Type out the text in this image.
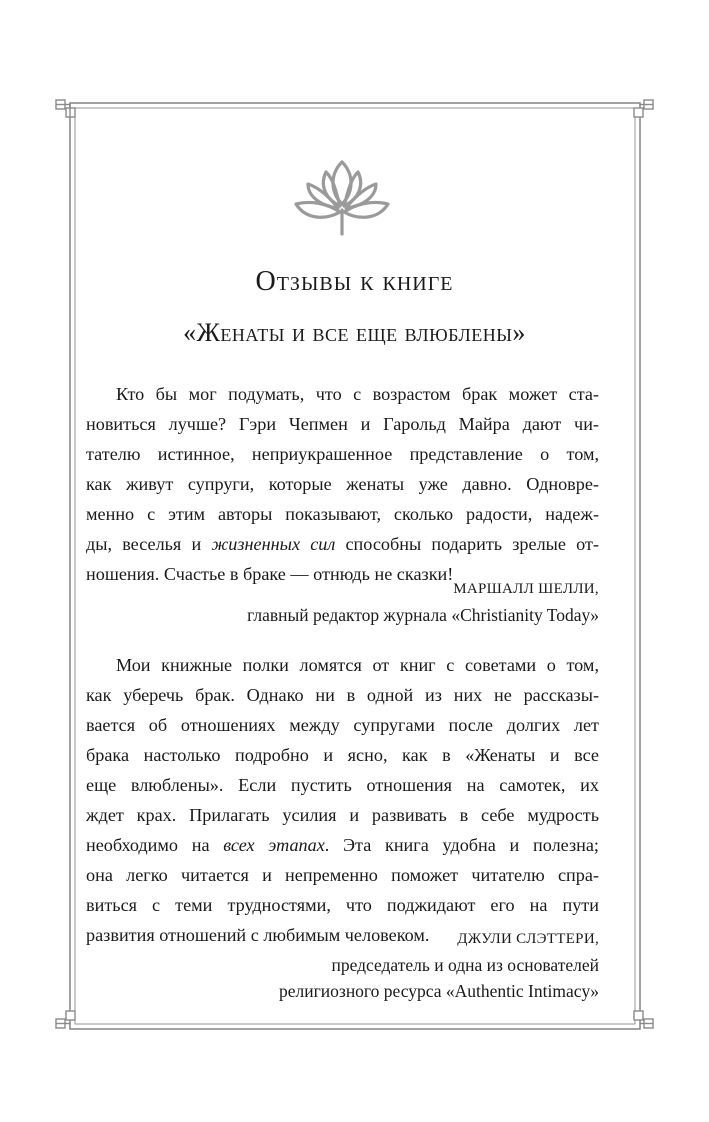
Отзывы к книге
«Женаты и все еще влюблены»
Кто бы мог подумать, что с возрастом брак может ста-
новиться лучше? Гэри Чепмен и Гарольд Майра дают чи-
тателю истинное, неприукрашенное представление о том,
как живут супруги, которые женаты уже давно. Одновре-
менно с этим авторы показывают, сколько радости, надеж-
ды, веселья и жизненных сил способны подарить зрелые от-
ношения. Счастье в браке — отнюдь не сказки!
МАРШАЛЛ ШЕЛЛИ,
главный редактор журнала «Christianity Today»
Мои книжные полки ломятся от книг с советами о том,
как уберечь брак. Однако ни в одной из них не рассказы-
вается об отношениях между супругами после долгих лет
брака настолько подробно и ясно, как в «Женаты и все
еще влюблены». Если пустить отношения на самотек, их
ждет крах. Прилагать усилия и развивать в себе мудрость
необходимо на всех этапах. Эта книга удобна и полезна;
она легко читается и непременно поможет читателю спра-
виться с теми трудностями, что поджидают его на пути
развития отношений с любимым человеком.	ДЖУЛИ СЛЭТТЕРИ,
председатель и одна из основателей
религиозного ресурса «Authentic Intimacy»
